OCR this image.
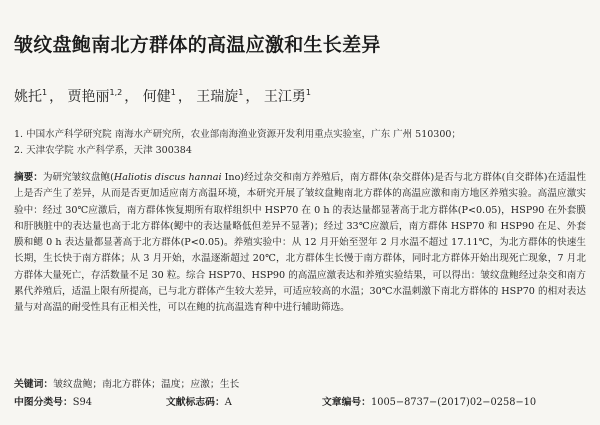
皱纹盘鲍南北方群体的高温应激和生长差异
姚托$^1$ ， 贾艳丽$^{1,2}$ ， 何健$^1$ ， 王瑞旋$^1$ ， 王江勇$^1$
1. 中国水产科学研究院 南海水产研究所，农业部南海渔业资源开发利用重点实验室，广东 广州 510300；
2. 天津农学院 水产科学系，天津 300384
摘要：为研究皱纹盘鲍(Haliotis discus hannai Ino)经过杂交和南方养殖后，南方群体(杂交群体)是否与北方群体(自交群体)在适温性上是否产生了差异，从而是否更加适应南方高温环境，本研究开展了皱纹盘鲍南北方群体的高温应激和南方地区养殖实验。高温应激实验中：经过 30℃应激后，南方群体恢复期所有取样组织中 HSP70 在 0 h 的表达量都显著高于北方群体(P<0.05)，HSP90 在外套膜和肝胰脏中的表达量也高于北方群体(鳃中的表达量略低但差异不显著)；经过 33℃应激后，南方群体 HSP70 和 HSP90 在足、外套膜和鳃 0 h 表达量都显著高于北方群体(P<0.05)。养殖实验中：从 12 月开始至翌年 2 月水温不超过 17.11℃，为北方群体的快速生长期，生长快于南方群体；从 3 月开始，水温逐渐超过 20℃，北方群体生长慢于南方群体，同时北方群体开始出现死亡现象，7 月北方群体大量死亡，存活数量不足 30 粒。综合 HSP70、HSP90 的高温应激表达和养殖实验结果，可以得出：皱纹盘鲍经过杂交和南方累代养殖后，适温上限有所提高，已与北方群体产生较大差异，可适应较高的水温；30℃水温刺激下南北方群体的 HSP70 的相对表达量与对高温的耐受性具有正相关性，可以在鲍的抗高温选育种中进行辅助筛选。
关键词：皱纹盘鲍；南北方群体；温度；应激；生长
中图分类号：S94	文献标志码：A	文章编号：1005−8737−(2017)02−0258−10
